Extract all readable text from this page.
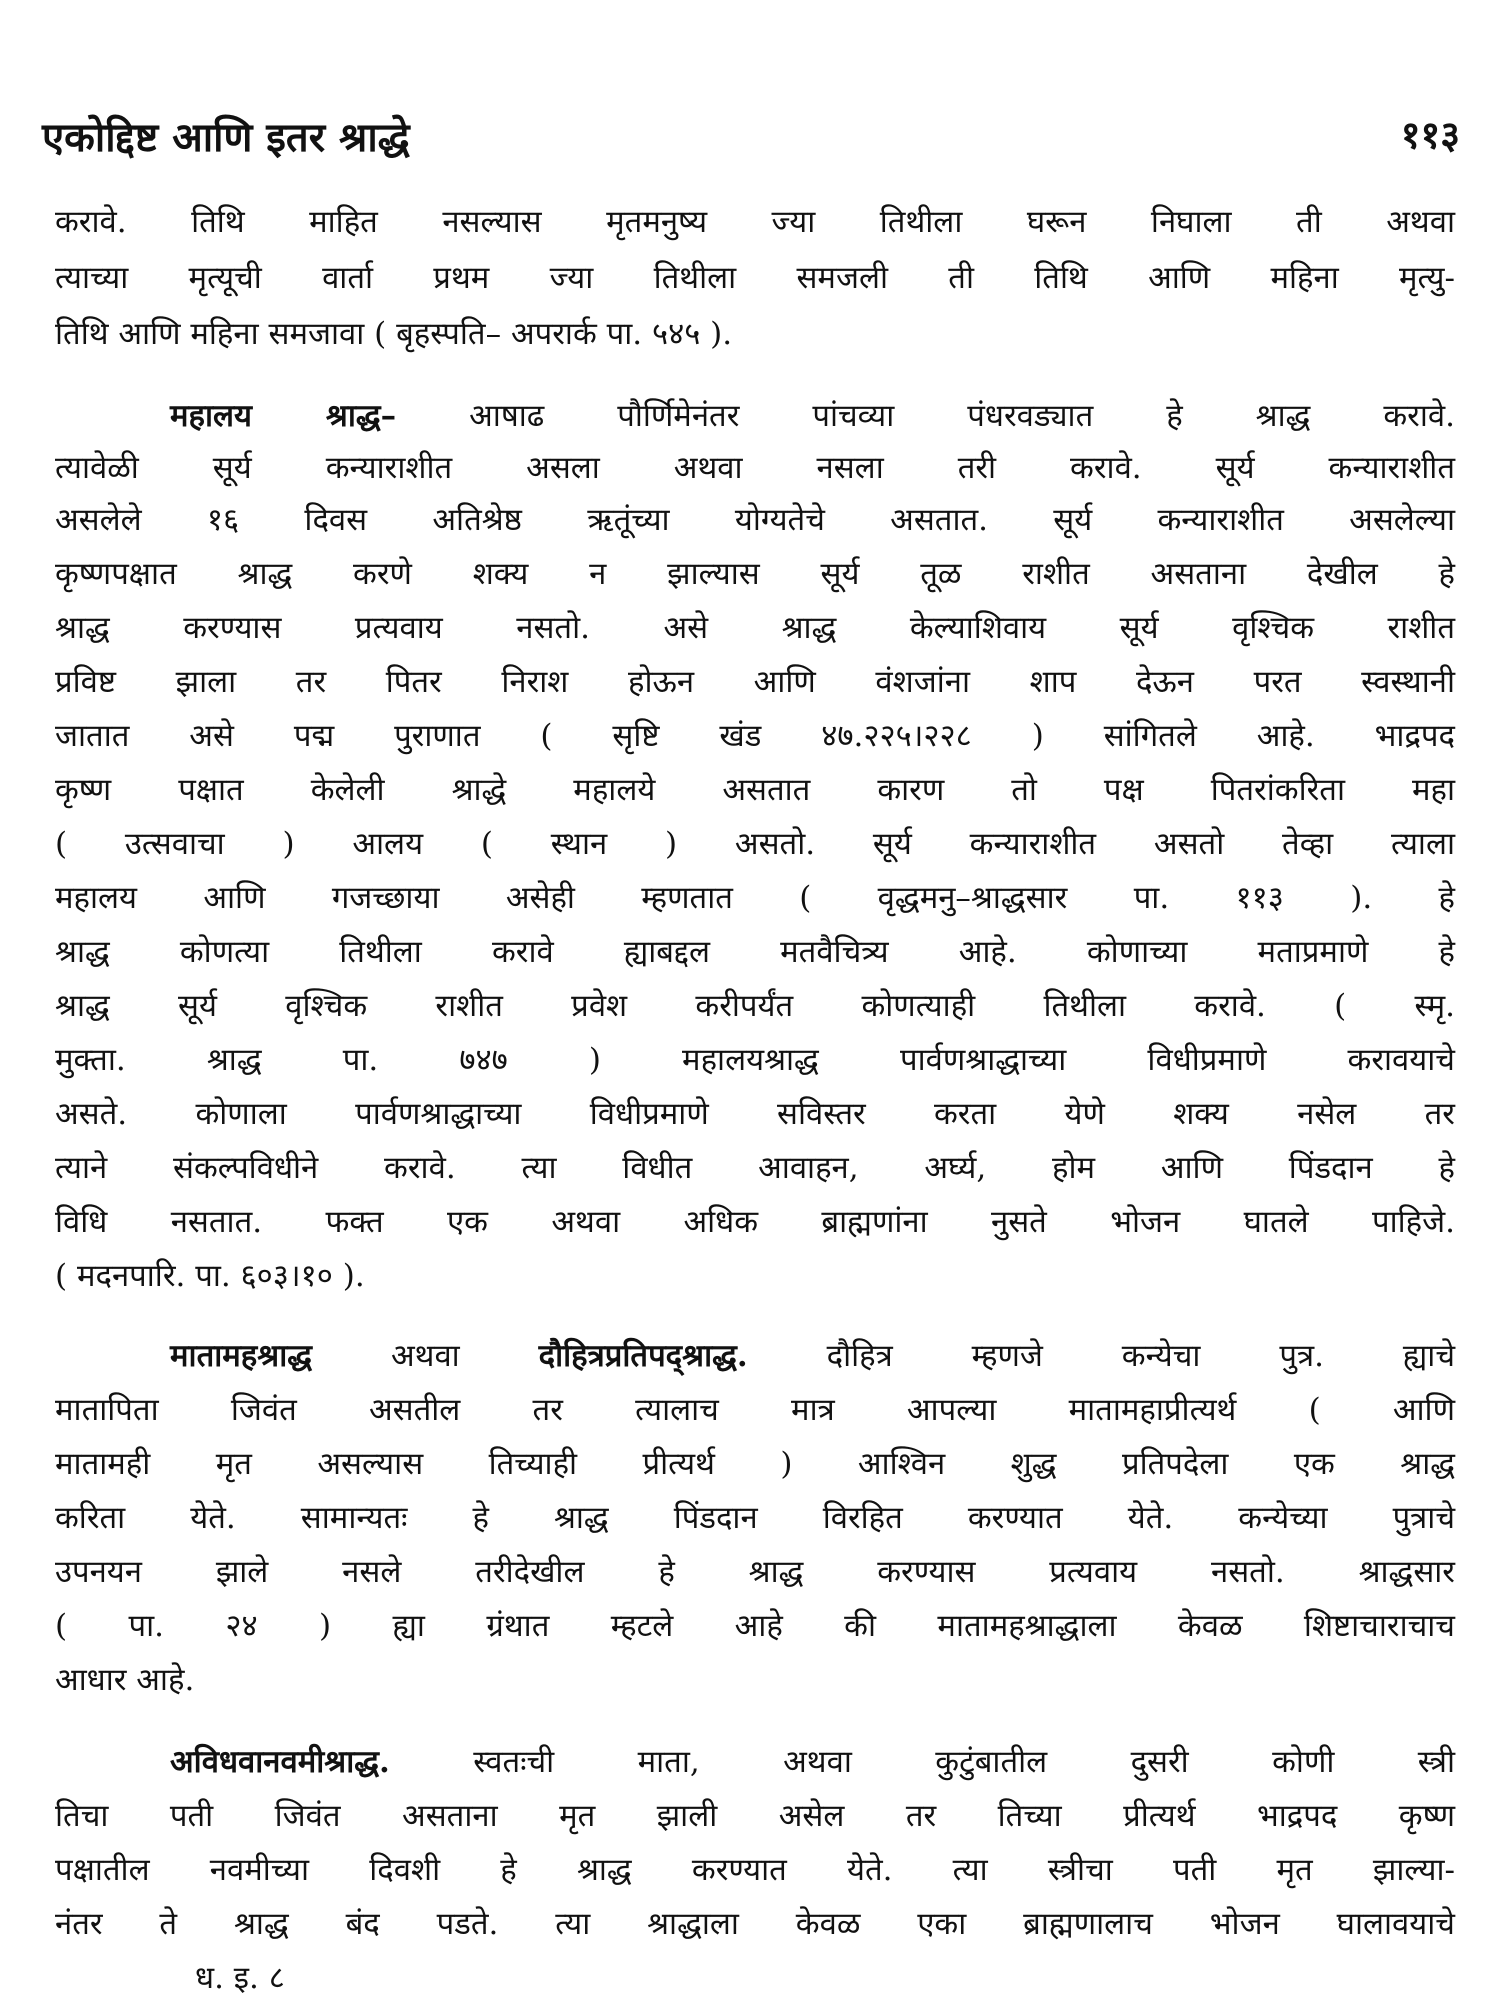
एकोद्दिष्ट आणि इतर श्राद्धे	११३
करावे. तिथि माहित नसल्यास मृतमनुष्य ज्या तिथीला घरून निघाला ती अथवा
त्याच्या मृत्यूची वार्ता प्रथम ज्या तिथीला समजली ती तिथि आणि महिना मृत्यु-
तिथि आणि महिना समजावा ( बृहस्पति– अपरार्क पा. ५४५ ).
महालय श्राद्ध– आषाढ पौर्णिमेनंतर पांचव्या पंधरवड्यात हे श्राद्ध करावे.
त्यावेळी सूर्य कन्याराशीत असला अथवा नसला तरी करावे. सूर्य कन्याराशीत
असलेले १६ दिवस अतिश्रेष्ठ ऋतूंच्या योग्यतेचे असतात. सूर्य कन्याराशीत असलेल्या
कृष्णपक्षात श्राद्ध करणे शक्य न झाल्यास सूर्य तूळ राशीत असताना देखील हे
श्राद्ध करण्यास प्रत्यवाय नसतो. असे श्राद्ध केल्याशिवाय सूर्य वृश्चिक राशीत
प्रविष्ट झाला तर पितर निराश होऊन आणि वंशजांना शाप देऊन परत स्वस्थानी
जातात असे पद्म पुराणात ( सृष्टि खंड ४७.२२५।२२८ ) सांगितले आहे. भाद्रपद
कृष्ण पक्षात केलेली श्राद्धे महालये असतात कारण तो पक्ष पितरांकरिता महा
( उत्सवाचा ) आलय ( स्थान ) असतो. सूर्य कन्याराशीत असतो तेव्हा त्याला
महालय आणि गजच्छाया असेही म्हणतात ( वृद्धमनु–श्राद्धसार पा. ११३ ). हे
श्राद्ध कोणत्या तिथीला करावे ह्याबद्दल मतवैचित्र्य आहे. कोणाच्या मताप्रमाणे हे
श्राद्ध सूर्य वृश्चिक राशीत प्रवेश करीपर्यंत कोणत्याही तिथीला करावे. ( स्मृ.
मुक्ता. श्राद्ध पा. ७४७ ) महालयश्राद्ध पार्वणश्राद्धाच्या विधीप्रमाणे करावयाचे
असते. कोणाला पार्वणश्राद्धाच्या विधीप्रमाणे सविस्तर करता येणे शक्य नसेल तर
त्याने संकल्पविधीने करावे. त्या विधीत आवाहन, अर्घ्य, होम आणि पिंडदान हे
विधि नसतात. फक्त एक अथवा अधिक ब्राह्मणांना नुसते भोजन घातले पाहिजे.
( मदनपारि. पा. ६०३।१० ).
मातामहश्राद्ध अथवा दौहित्रप्रतिपद्श्राद्ध. दौहित्र म्हणजे कन्येचा पुत्र. ह्याचे
मातापिता जिवंत असतील तर त्यालाच मात्र आपल्या मातामहाप्रीत्यर्थ ( आणि
मातामही मृत असल्यास तिच्याही प्रीत्यर्थ ) आश्विन शुद्ध प्रतिपदेला एक श्राद्ध
करिता येते. सामान्यतः हे श्राद्ध पिंडदान विरहित करण्यात येते. कन्येच्या पुत्राचे
उपनयन झाले नसले तरीदेखील हे श्राद्ध करण्यास प्रत्यवाय नसतो. श्राद्धसार
( पा. २४ ) ह्या ग्रंथात म्हटले आहे की मातामहश्राद्धाला केवळ शिष्टाचाराचाच
आधार आहे.
अविधवानवमीश्राद्ध. स्वतःची माता, अथवा कुटुंबातील दुसरी कोणी स्त्री
तिचा पती जिवंत असताना मृत झाली असेल तर तिच्या प्रीत्यर्थ भाद्रपद कृष्ण
पक्षातील नवमीच्या दिवशी हे श्राद्ध करण्यात येते. त्या स्त्रीचा पती मृत झाल्या-
नंतर ते श्राद्ध बंद पडते. त्या श्राद्धाला केवळ एका ब्राह्मणालाच भोजन घालावयाचे
ध. इ. ८
